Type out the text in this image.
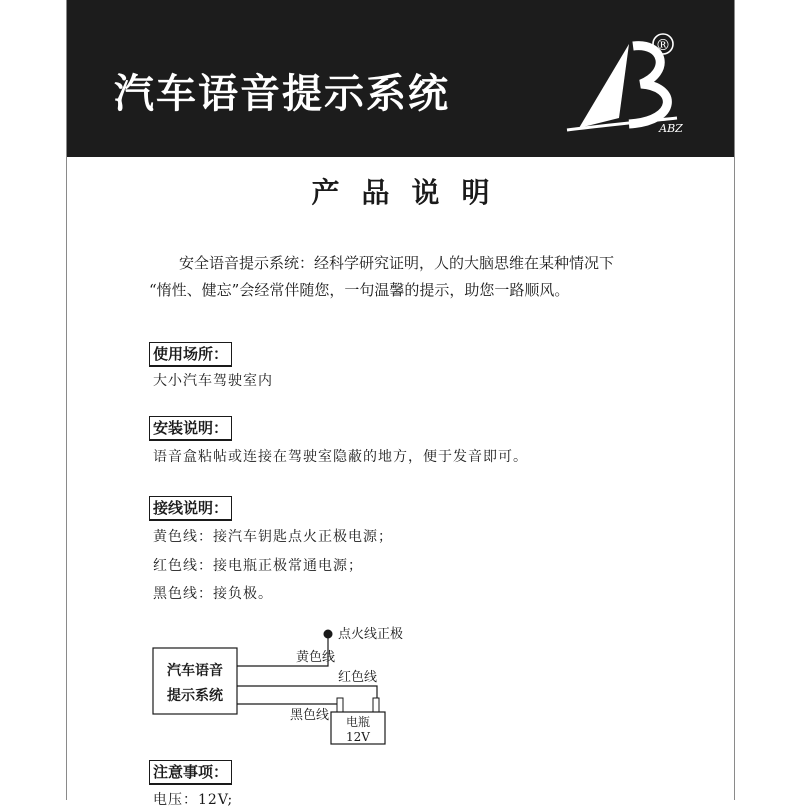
汽车语音提示系统
®
ABZ
产品说明

安全语音提示系统：经科学研究证明，人的大脑思维在某种情况下

“惰性、健忘”会经常伴随您，一句温馨的提示，助您一路顺风。

使用场所：
大小汽车驾驶室内
安装说明：
语音盒粘帖或连接在驾驶室隐蔽的地方，便于发音即可。
接线说明：
黄色线：接汽车钥匙点火正极电源；
红色线：接电瓶正极常通电源；
黑色线：接负极。
汽车语音
提示系统
点火线正极
黄色线
红色线
黑色线 电瓶
12V
注意事项：
电压：12V;
